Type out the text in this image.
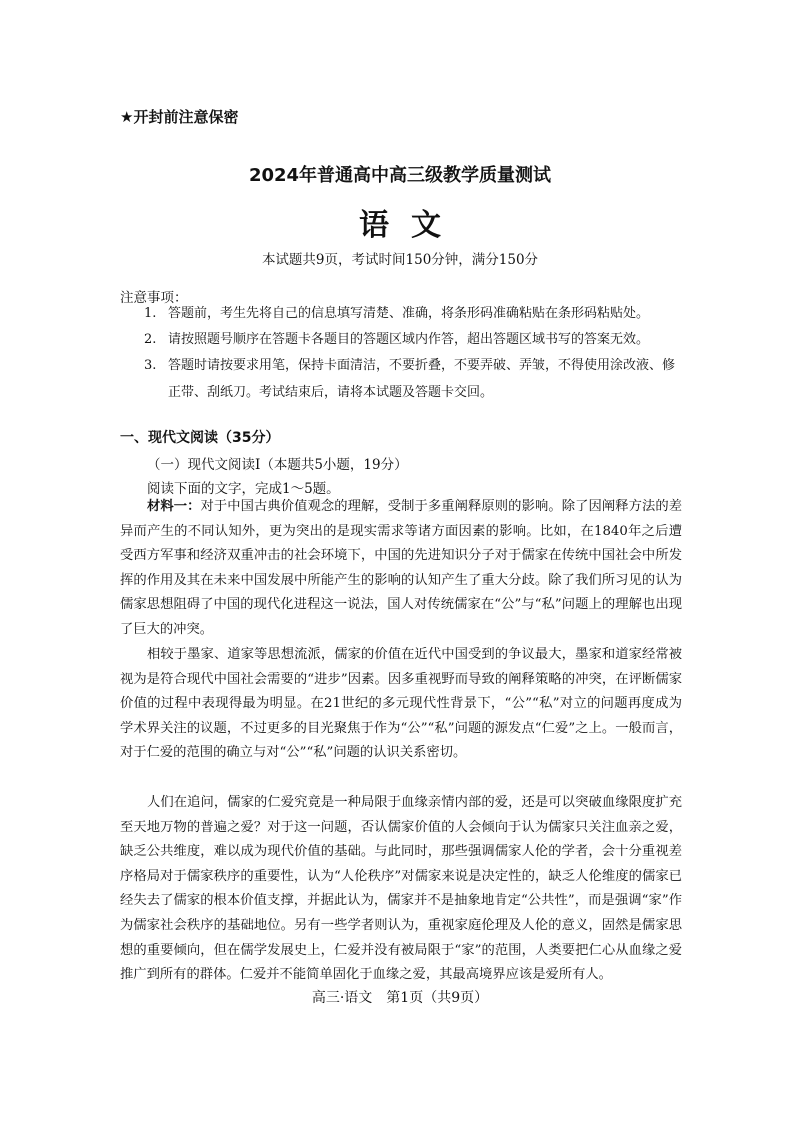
★开封前注意保密
2024年普通高中高三级教学质量测试
语文
本试题共9页，考试时间150分钟，满分150分
注意事项：
1. 答题前，考生先将自己的信息填写清楚、准确，将条形码准确粘贴在条形码粘贴处。
2. 请按照题号顺序在答题卡各题目的答题区域内作答，超出答题区域书写的答案无效。
3. 答题时请按要求用笔，保持卡面清洁，不要折叠，不要弄破、弄皱，不得使用涂改液、修正带、刮纸刀。考试结束后，请将本试题及答题卡交回。
一、现代文阅读（35分）
（一）现代文阅读Ⅰ（本题共5小题，19分）
阅读下面的文字，完成1～5题。
材料一：对于中国古典价值观念的理解，受制于多重阐释原则的影响。除了因阐释方法的差异而产生的不同认知外，更为突出的是现实需求等诸方面因素的影响。比如，在1840年之后遭受西方军事和经济双重冲击的社会环境下，中国的先进知识分子对于儒家在传统中国社会中所发挥的作用及其在未来中国发展中所能产生的影响的认知产生了重大分歧。除了我们所习见的认为儒家思想阻碍了中国的现代化进程这一说法，国人对传统儒家在“公”与“私”问题上的理解也出现了巨大的冲突。
相较于墨家、道家等思想流派，儒家的价值在近代中国受到的争议最大，墨家和道家经常被视为是符合现代中国社会需要的“进步”因素。因多重视野而导致的阐释策略的冲突，在评断儒家价值的过程中表现得最为明显。在21世纪的多元现代性背景下，“公”“私”对立的问题再度成为学术界关注的议题，不过更多的目光聚焦于作为“公”“私”问题的源发点“仁爱”之上。一般而言，对于仁爱的范围的确立与对“公”“私”问题的认识关系密切。
人们在追问，儒家的仁爱究竟是一种局限于血缘亲情内部的爱，还是可以突破血缘限度扩充至天地万物的普遍之爱？对于这一问题，否认儒家价值的人会倾向于认为儒家只关注血亲之爱，缺乏公共维度，难以成为现代价值的基础。与此同时，那些强调儒家人伦的学者，会十分重视差序格局对于儒家秩序的重要性，认为“人伦秩序”对儒家来说是决定性的，缺乏人伦维度的儒家已经失去了儒家的根本价值支撑，并据此认为，儒家并不是抽象地肯定“公共性”，而是强调“家”作为儒家社会秩序的基础地位。另有一些学者则认为，重视家庭伦理及人伦的意义，固然是儒家思想的重要倾向，但在儒学发展史上，仁爱并没有被局限于“家”的范围，人类要把仁心从血缘之爱推广到所有的群体。仁爱并不能简单固化于血缘之爱，其最高境界应该是爱所有人。
高三·语文　第1页（共9页）
